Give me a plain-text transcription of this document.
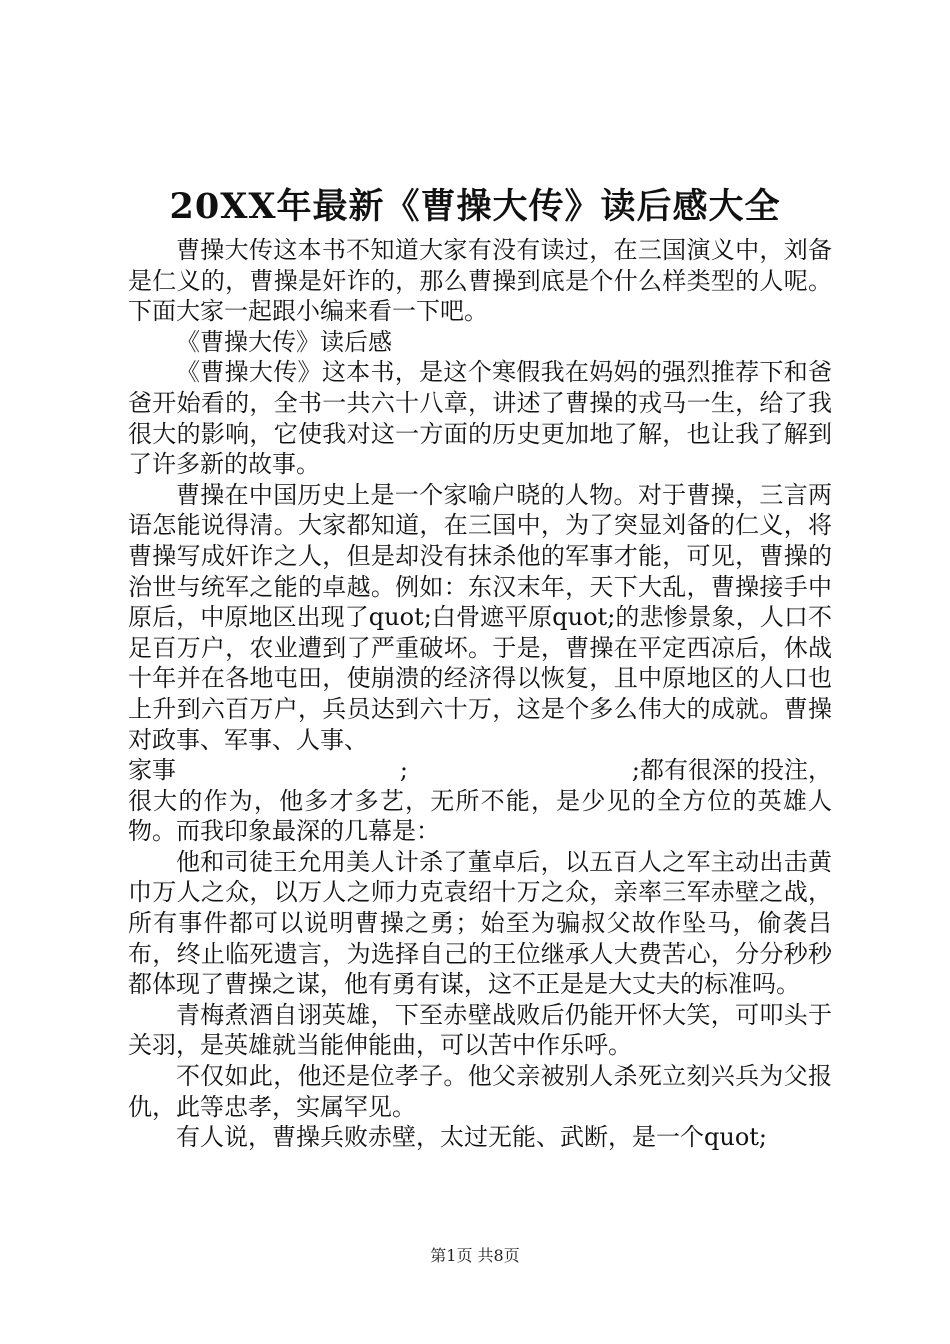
20XX年最新《曹操大传》读后感大全

曹操大传这本书不知道大家有没有读过，在三国演义中，刘备是仁义的，曹操是奸诈的，那么曹操到底是个什么样类型的人呢。下面大家一起跟小编来看一下吧。

《曹操大传》读后感

《曹操大传》这本书，是这个寒假我在妈妈的强烈推荐下和爸爸开始看的，全书一共六十八章，讲述了曹操的戎马一生，给了我很大的影响，它使我对这一方面的历史更加地了解，也让我了解到了许多新的故事。

曹操在中国历史上是一个家喻户晓的人物。对于曹操，三言两语怎能说得清。大家都知道，在三国中，为了突显刘备的仁义，将曹操写成奸诈之人，但是却没有抹杀他的军事才能，可见，曹操的治世与统军之能的卓越。例如：东汉末年，天下大乱，曹操接手中原后，中原地区出现了quot;白骨遮平原quot;的悲惨景象，人口不足百万户，农业遭到了严重破坏。于是，曹操在平定西凉后，休战十年并在各地屯田，使崩溃的经济得以恢复，且中原地区的人口也上升到六百万户，兵员达到六十万，这是个多么伟大的成就。曹操对政事、军事、人事、

家事	;	;都有很深的投注，

很大的作为，他多才多艺，无所不能，是少见的全方位的英雄人物。而我印象最深的几幕是：

他和司徒王允用美人计杀了董卓后，以五百人之军主动出击黄巾万人之众，以万人之师力克袁绍十万之众，亲率三军赤壁之战，所有事件都可以说明曹操之勇；始至为骗叔父故作坠马，偷袭吕布，终止临死遗言，为选择自己的王位继承人大费苦心，分分秒秒都体现了曹操之谋，他有勇有谋，这不正是是大丈夫的标准吗。

青梅煮酒自诩英雄，下至赤壁战败后仍能开怀大笑，可叩头于关羽，是英雄就当能伸能曲，可以苦中作乐呼。

不仅如此，他还是位孝子。他父亲被别人杀死立刻兴兵为父报仇，此等忠孝，实属罕见。

有人说，曹操兵败赤壁，太过无能、武断，是一个quot;

第1页 共8页
